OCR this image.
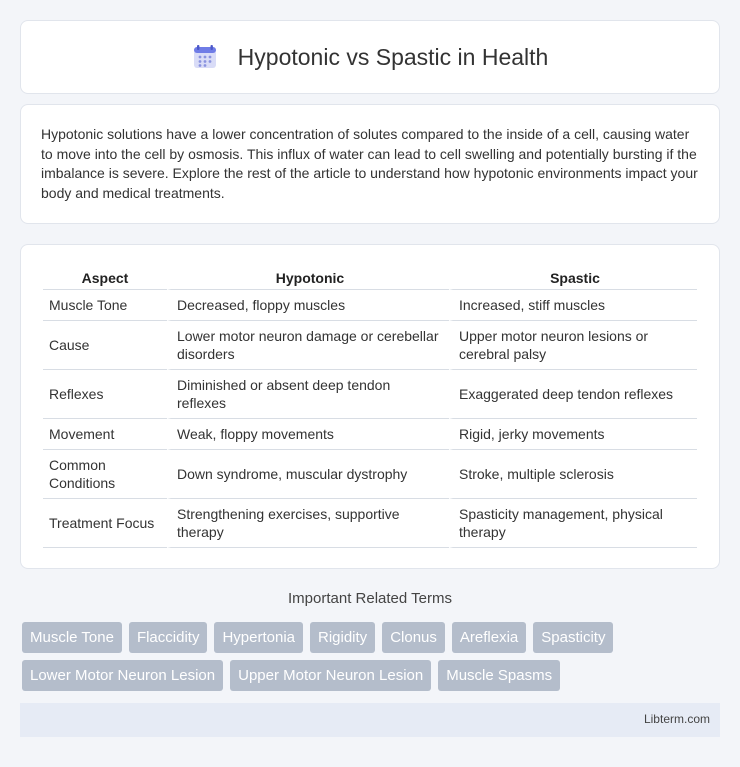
Hypotonic vs Spastic in Health

Hypotonic solutions have a lower concentration of solutes compared to the inside of a cell, causing water to move into the cell by osmosis. This influx of water can lead to cell swelling and potentially bursting if the imbalance is severe. Explore the rest of the article to understand how hypotonic environments impact your body and medical treatments.

Aspect	Hypotonic	Spastic
Muscle Tone	Decreased, floppy muscles	Increased, stiff muscles
Cause	Lower motor neuron damage or cerebellar disorders	Upper motor neuron lesions or cerebral palsy
Reflexes	Diminished or absent deep tendon reflexes	Exaggerated deep tendon reflexes
Movement	Weak, floppy movements	Rigid, jerky movements
Common Conditions	Down syndrome, muscular dystrophy	Stroke, multiple sclerosis
Treatment Focus	Strengthening exercises, supportive therapy	Spasticity management, physical therapy
Important Related Terms
Muscle Tone	Flaccidity	Hypertonia	Rigidity	Clonus	Areflexia	Spasticity
Lower Motor Neuron Lesion	Upper Motor Neuron Lesion	Muscle Spasms
Libterm.com
